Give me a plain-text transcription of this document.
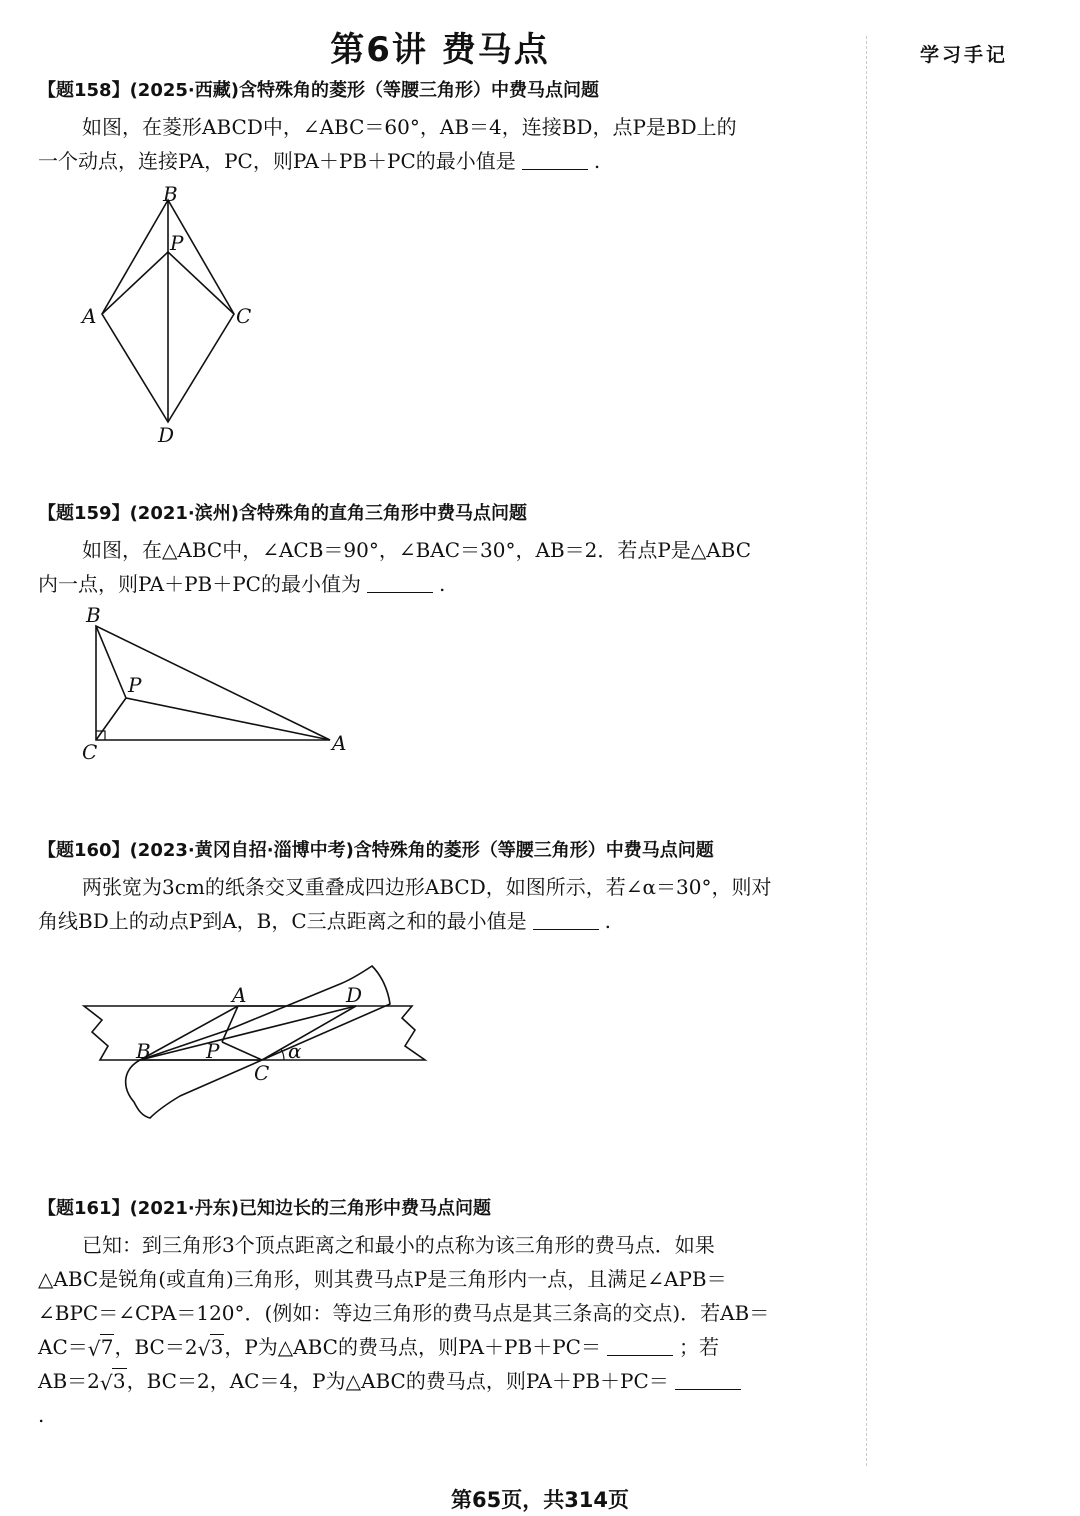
第6讲 费马点	学习手记
【题158】(2025·西藏)含特殊角的菱形（等腰三角形）中费马点问题
如图，在菱形ABCD中，∠ABC＝60°，AB＝4，连接BD，点P是BD上的
一个动点，连接PA，PC，则PA＋PB＋PC的最小值是	.
B
P
A	C
D
【题159】(2021·滨州)含特殊角的直角三角形中费马点问题
如图，在△ABC中，∠ACB＝90°，∠BAC＝30°，AB＝2．若点P是△ABC
内一点，则PA＋PB＋PC的最小值为	.
B
P
C	A
【题160】(2023·黄冈自招·淄博中考)含特殊角的菱形（等腰三角形）中费马点问题
两张宽为3cm的纸条交叉重叠成四边形ABCD，如图所示，若∠α＝30°，则对
角线BD上的动点P到A，B，C三点距离之和的最小值是	.
A	D
B	P	α
C
【题161】(2021·丹东)已知边长的三角形中费马点问题
已知：到三角形3个顶点距离之和最小的点称为该三角形的费马点．如果
△ABC是锐角(或直角)三角形，则其费马点P是三角形内一点，且满足∠APB＝
∠BPC＝∠CPA＝120°．(例如：等边三角形的费马点是其三条高的交点)．若AB＝
AC＝ √ 7，BC＝2 √ 3，P为△ABC的费马点，则PA＋PB＋PC＝	；若
AB＝2 √ 3，BC＝2，AC＝4，P为△ABC的费马点，则PA＋PB＋PC＝
.
第65页，共314页
